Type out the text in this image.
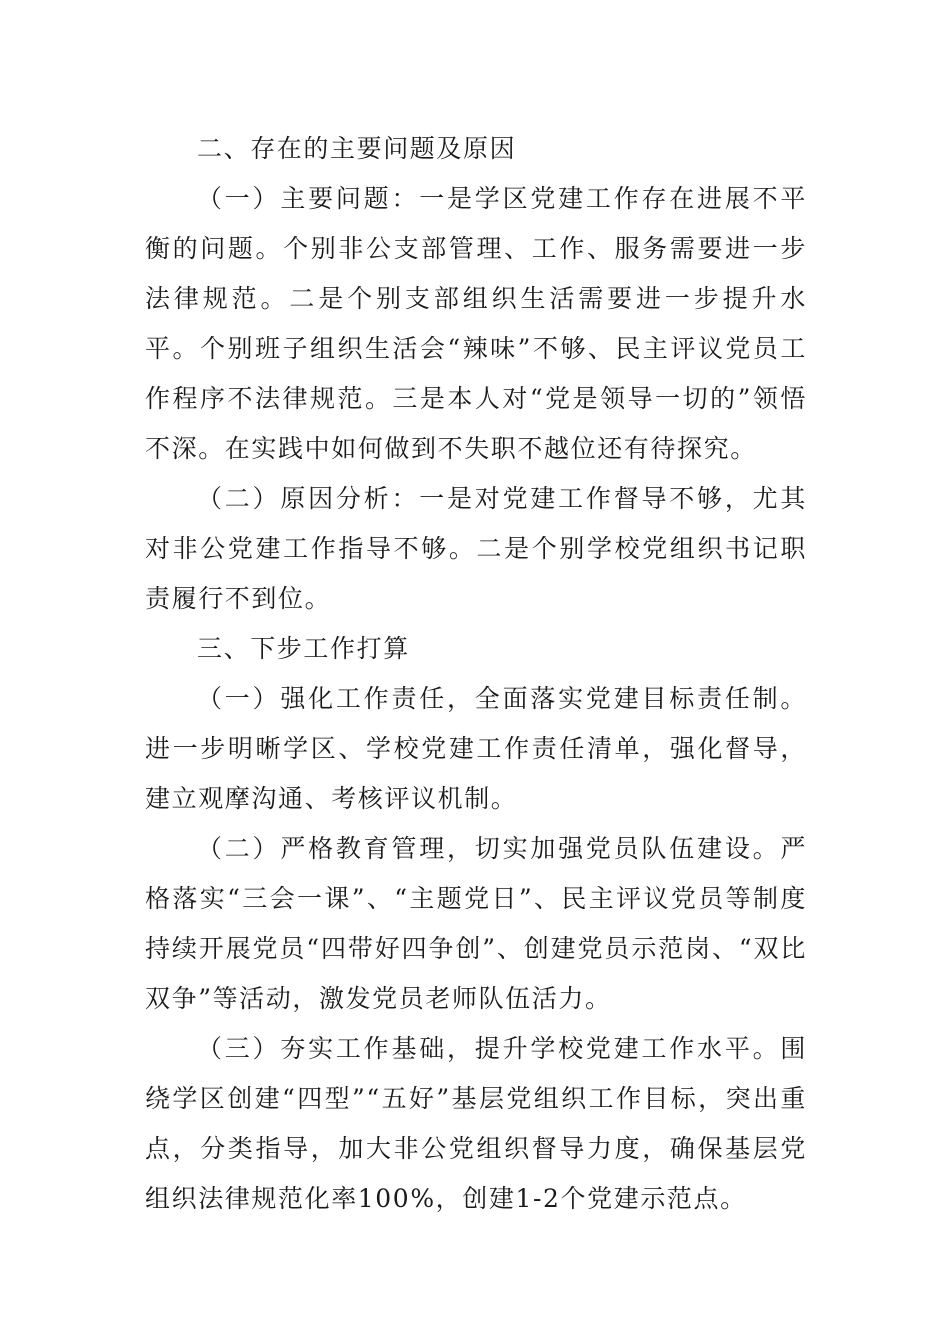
二、存在的主要问题及原因

（一）主要问题：一是学区党建工作存在进展不平衡的问题。个别非公支部管理、工作、服务需要进一步法律规范。二是个别支部组织生活需要进一步提升水平。个别班子组织生活会“辣味”不够、民主评议党员工作程序不法律规范。三是本人对“党是领导一切的”领悟不深。在实践中如何做到不失职不越位还有待探究。

（二）原因分析：一是对党建工作督导不够，尤其对非公党建工作指导不够。二是个别学校党组织书记职责履行不到位。

三、下步工作打算

（一）强化工作责任，全面落实党建目标责任制。进一步明晰学区、学校党建工作责任清单，强化督导，建立观摩沟通、考核评议机制。

（二）严格教育管理，切实加强党员队伍建设。严格落实“三会一课”、“主题党日”、民主评议党员等制度持续开展党员“四带好四争创”、创建党员示范岗、“双比双争”等活动，激发党员老师队伍活力。

（三）夯实工作基础，提升学校党建工作水平。围绕学区创建“四型”“五好”基层党组织工作目标，突出重点，分类指导，加大非公党组织督导力度，确保基层党组织法律规范化率100%，创建1-2个党建示范点。
